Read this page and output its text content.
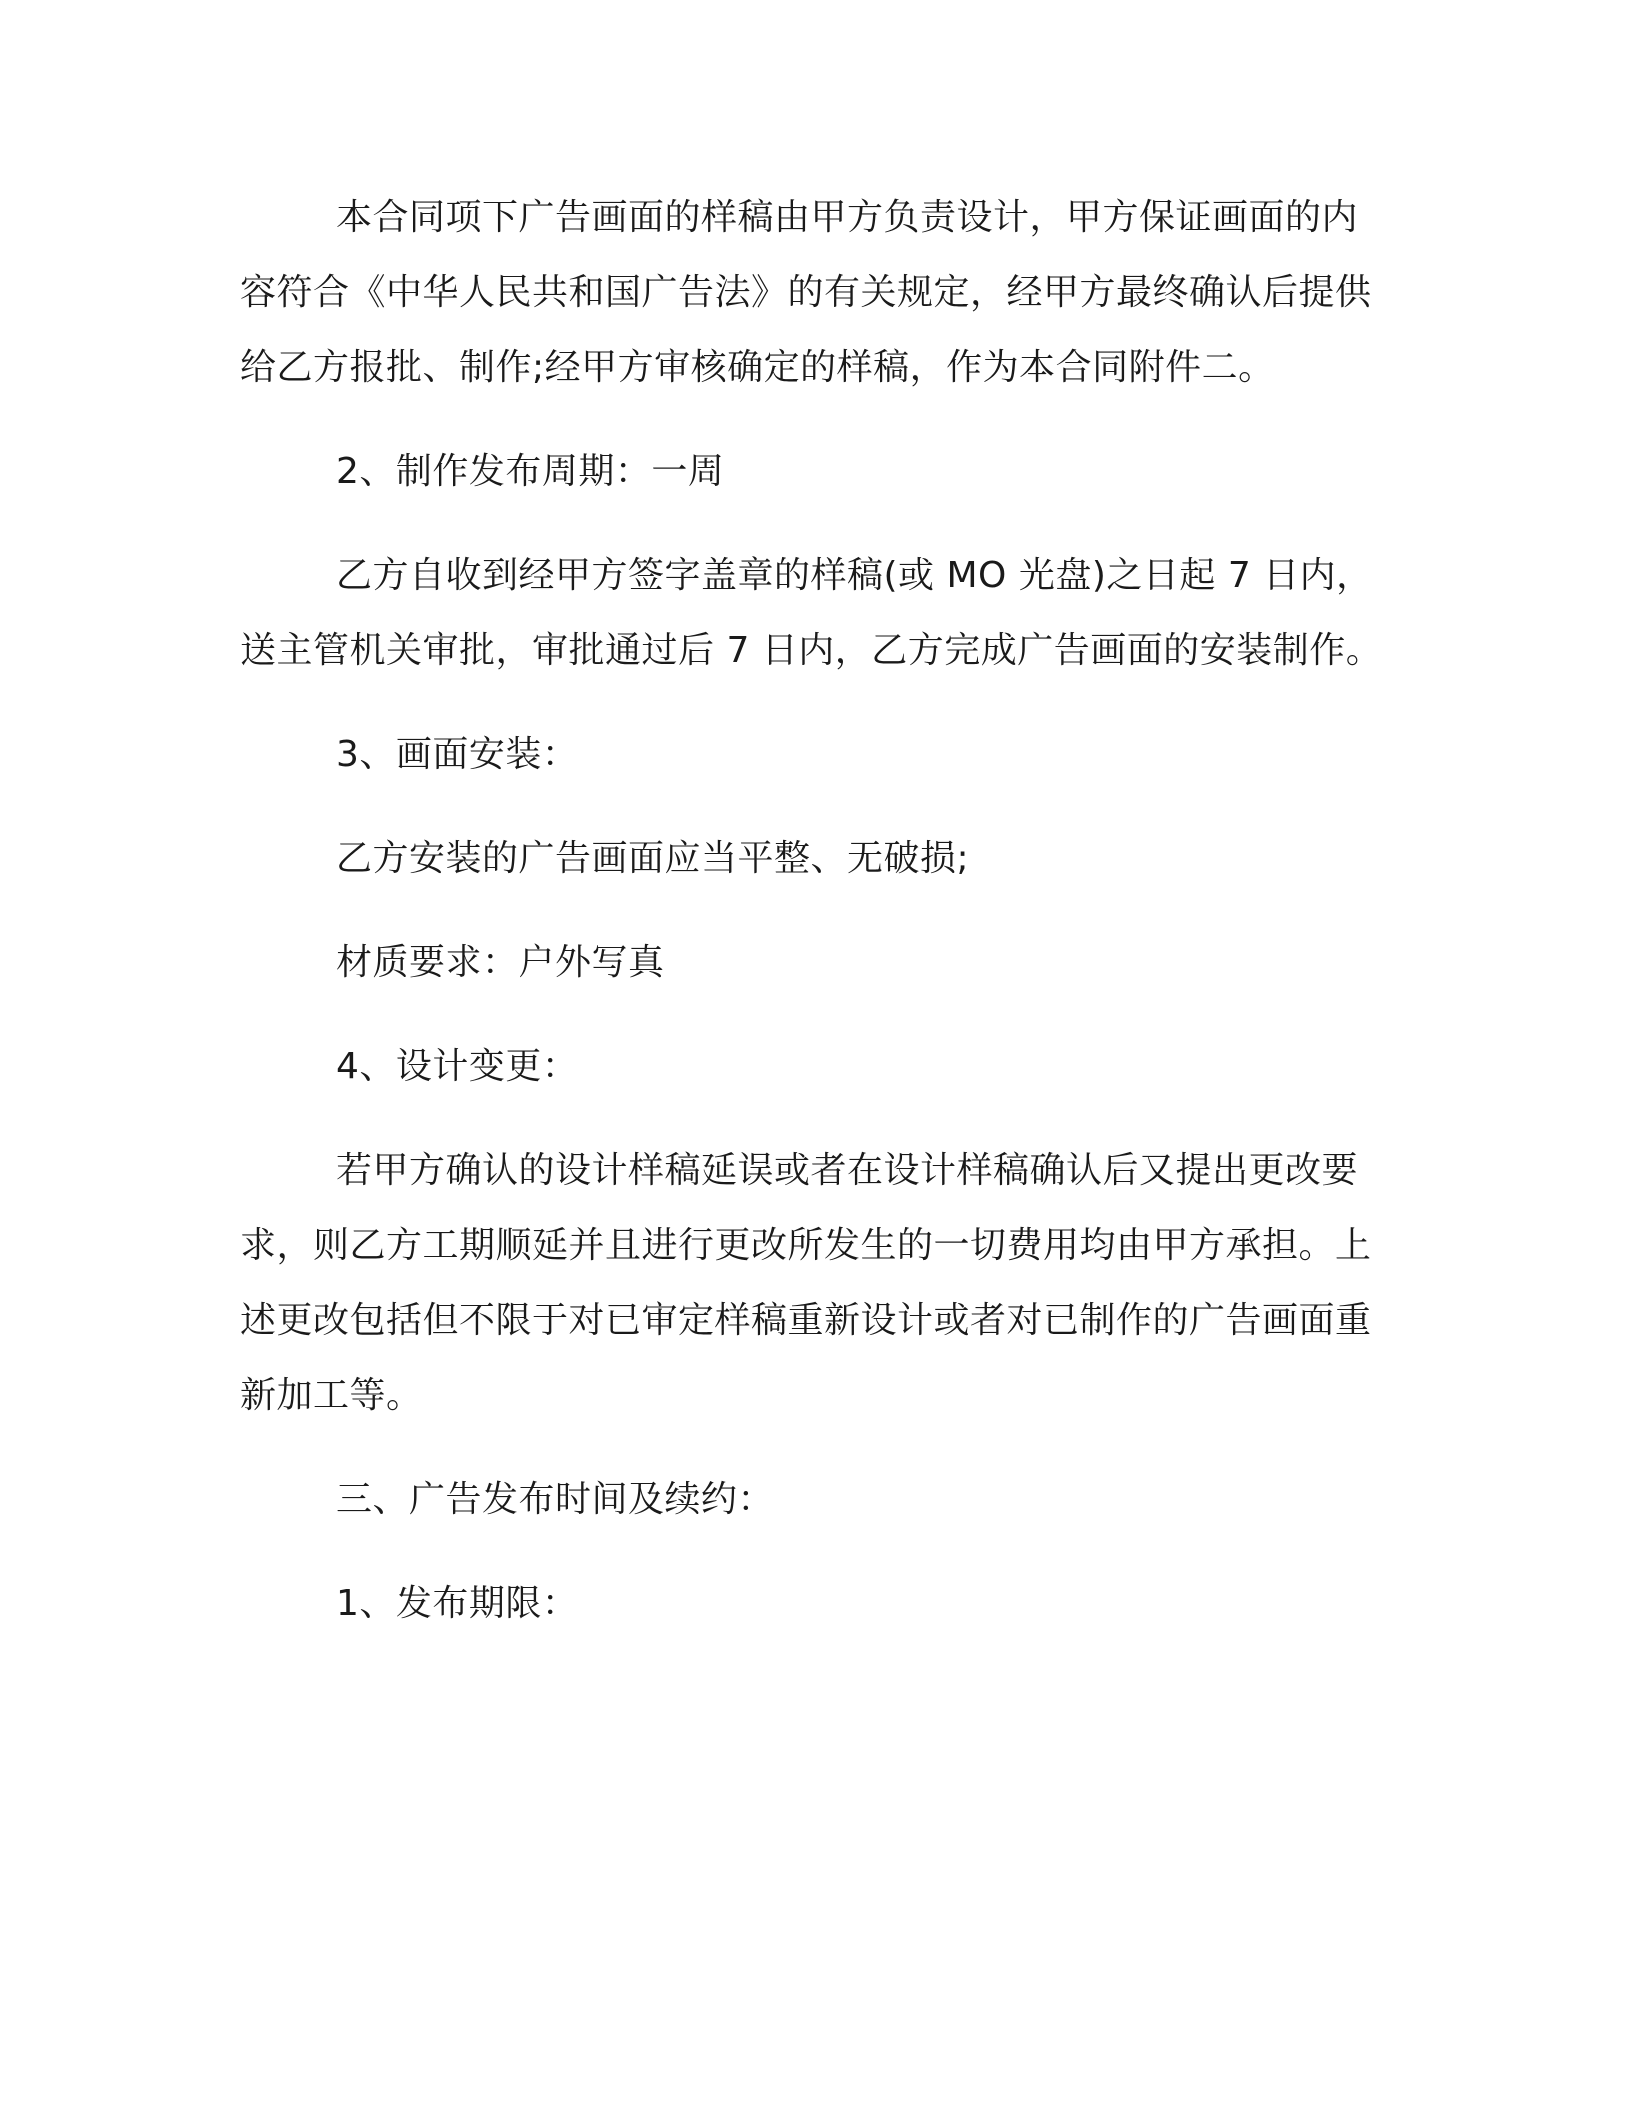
本合同项下广告画面的样稿由甲方负责设计，甲方保证画面的内容符合《中华人民共和国广告法》的有关规定，经甲方最终确认后提供给乙方报批、制作;经甲方审核确定的样稿，作为本合同附件二。

2、制作发布周期：一周

乙方自收到经甲方签字盖章的样稿(或 MO 光盘)之日起 7 日内，送主管机关审批，审批通过后 7 日内，乙方完成广告画面的安装制作。

3、画面安装：

乙方安装的广告画面应当平整、无破损;

材质要求：户外写真

4、设计变更：

若甲方确认的设计样稿延误或者在设计样稿确认后又提出更改要求，则乙方工期顺延并且进行更改所发生的一切费用均由甲方承担。上述更改包括但不限于对已审定样稿重新设计或者对已制作的广告画面重新加工等。

三、广告发布时间及续约：

1、发布期限：
